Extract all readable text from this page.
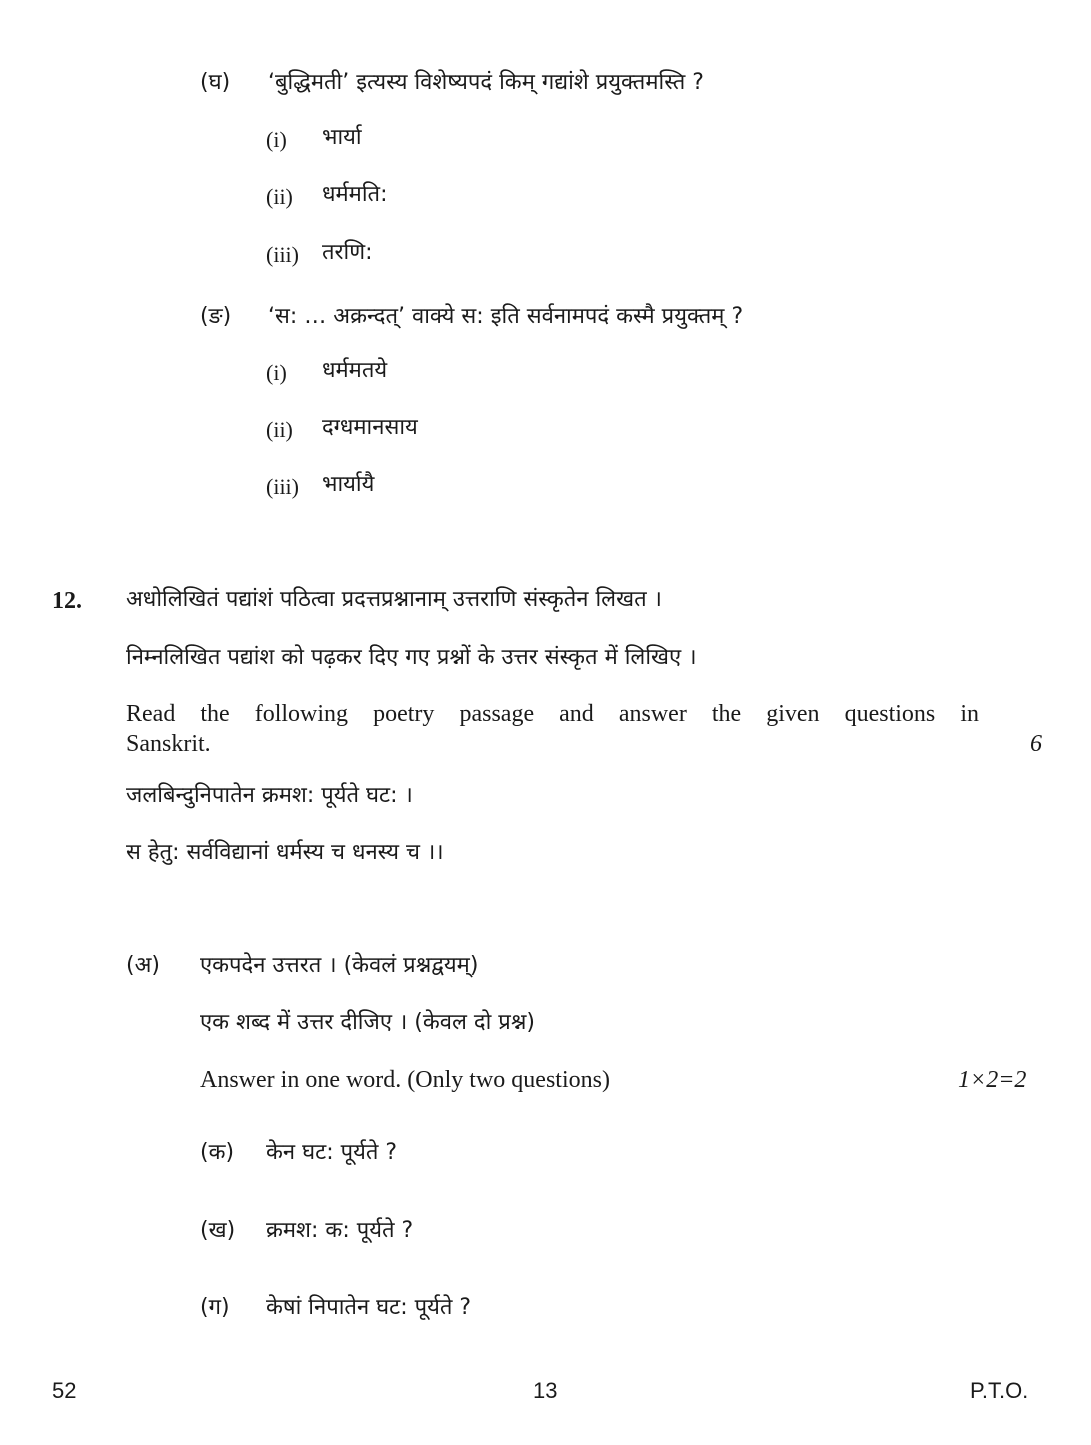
(घ) ‘बुद्धिमती’ इत्यस्य विशेष्यपदं किम् गद्यांशे प्रयुक्तमस्ति ?
(i) भार्या
(ii) धर्ममति:
(iii) तरणि:
(ङ) ‘स: … अक्रन्दत्’ वाक्ये स: इति सर्वनामपदं कस्मै प्रयुक्तम् ?
(i) धर्ममतये
(ii) दग्धमानसाय
(iii) भार्यायै
12. अधोलिखितं पद्यांशं पठित्वा प्रदत्तप्रश्नानाम् उत्तराणि संस्कृतेन लिखत ।
निम्नलिखित पद्यांश को पढ़कर दिए गए प्रश्नों के उत्तर संस्कृत में लिखिए ।
Read the following poetry passage and answer the given questions in
Sanskrit.	6
जलबिन्दुनिपातेन क्रमश: पूर्यते घट: ।
स हेतु: सर्वविद्यानां धर्मस्य च धनस्य च ।।
(अ) एकपदेन उत्तरत । (केवलं प्रश्नद्वयम्)
एक शब्द में उत्तर दीजिए । (केवल दो प्रश्न)
Answer in one word. (Only two questions)	1×2=2
(क) केन घट: पूर्यते ?
(ख) क्रमश: क: पूर्यते ?
(ग) केषां निपातेन घट: पूर्यते ?
52	13	P.T.O.
